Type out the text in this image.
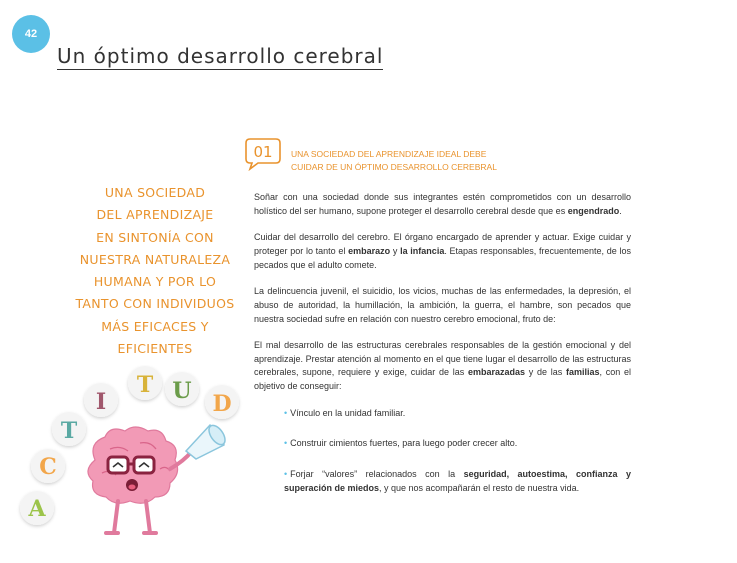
42
Un óptimo desarrollo cerebral
UNA SOCIEDAD
DEL APRENDIZAJE
EN SINTONÍA CON
NUESTRA NATURALEZA
HUMANA Y POR LO
TANTO CON INDIVIDUOS
MÁS EFICACES Y
EFICIENTES
A
C
T
I
T U D
01 UNA SOCIEDAD DEL APRENDIZAJE IDEAL DEBE
CUIDAR DE UN ÓPTIMO DESARROLLO CEREBRAL

Soñar con una sociedad donde sus integrantes estén comprometidos con un desarrollo holístico del ser humano, supone proteger el desarrollo cerebral desde que es engendrado.

Cuidar del desarrollo del cerebro. El órgano encargado de aprender y actuar. Exige cuidar y proteger por lo tanto el embarazo y la infancia. Etapas responsables, frecuentemente, de los pecados que el adulto comete.

La delincuencia juvenil, el suicidio, los vicios, muchas de las enfermedades, la depresión, el abuso de autoridad, la humillación, la ambición, la guerra, el hambre, son pecados que nuestra sociedad sufre en relación con nuestro cerebro emocional, fruto de:

El mal desarrollo de las estructuras cerebrales responsables de la gestión emocional y del aprendizaje. Prestar atención al momento en el que tiene lugar el desarrollo de las estructuras cerebrales, supone, requiere y exige, cuidar de las embarazadas y de las familias, con el objetivo de conseguir:

• Vínculo en la unidad familiar.
• Construir cimientos fuertes, para luego poder crecer alto.
• Forjar “valores” relacionados con la seguridad, autoestima, confianza y superación de miedos, y que nos acompañarán el resto de nuestra vida.
